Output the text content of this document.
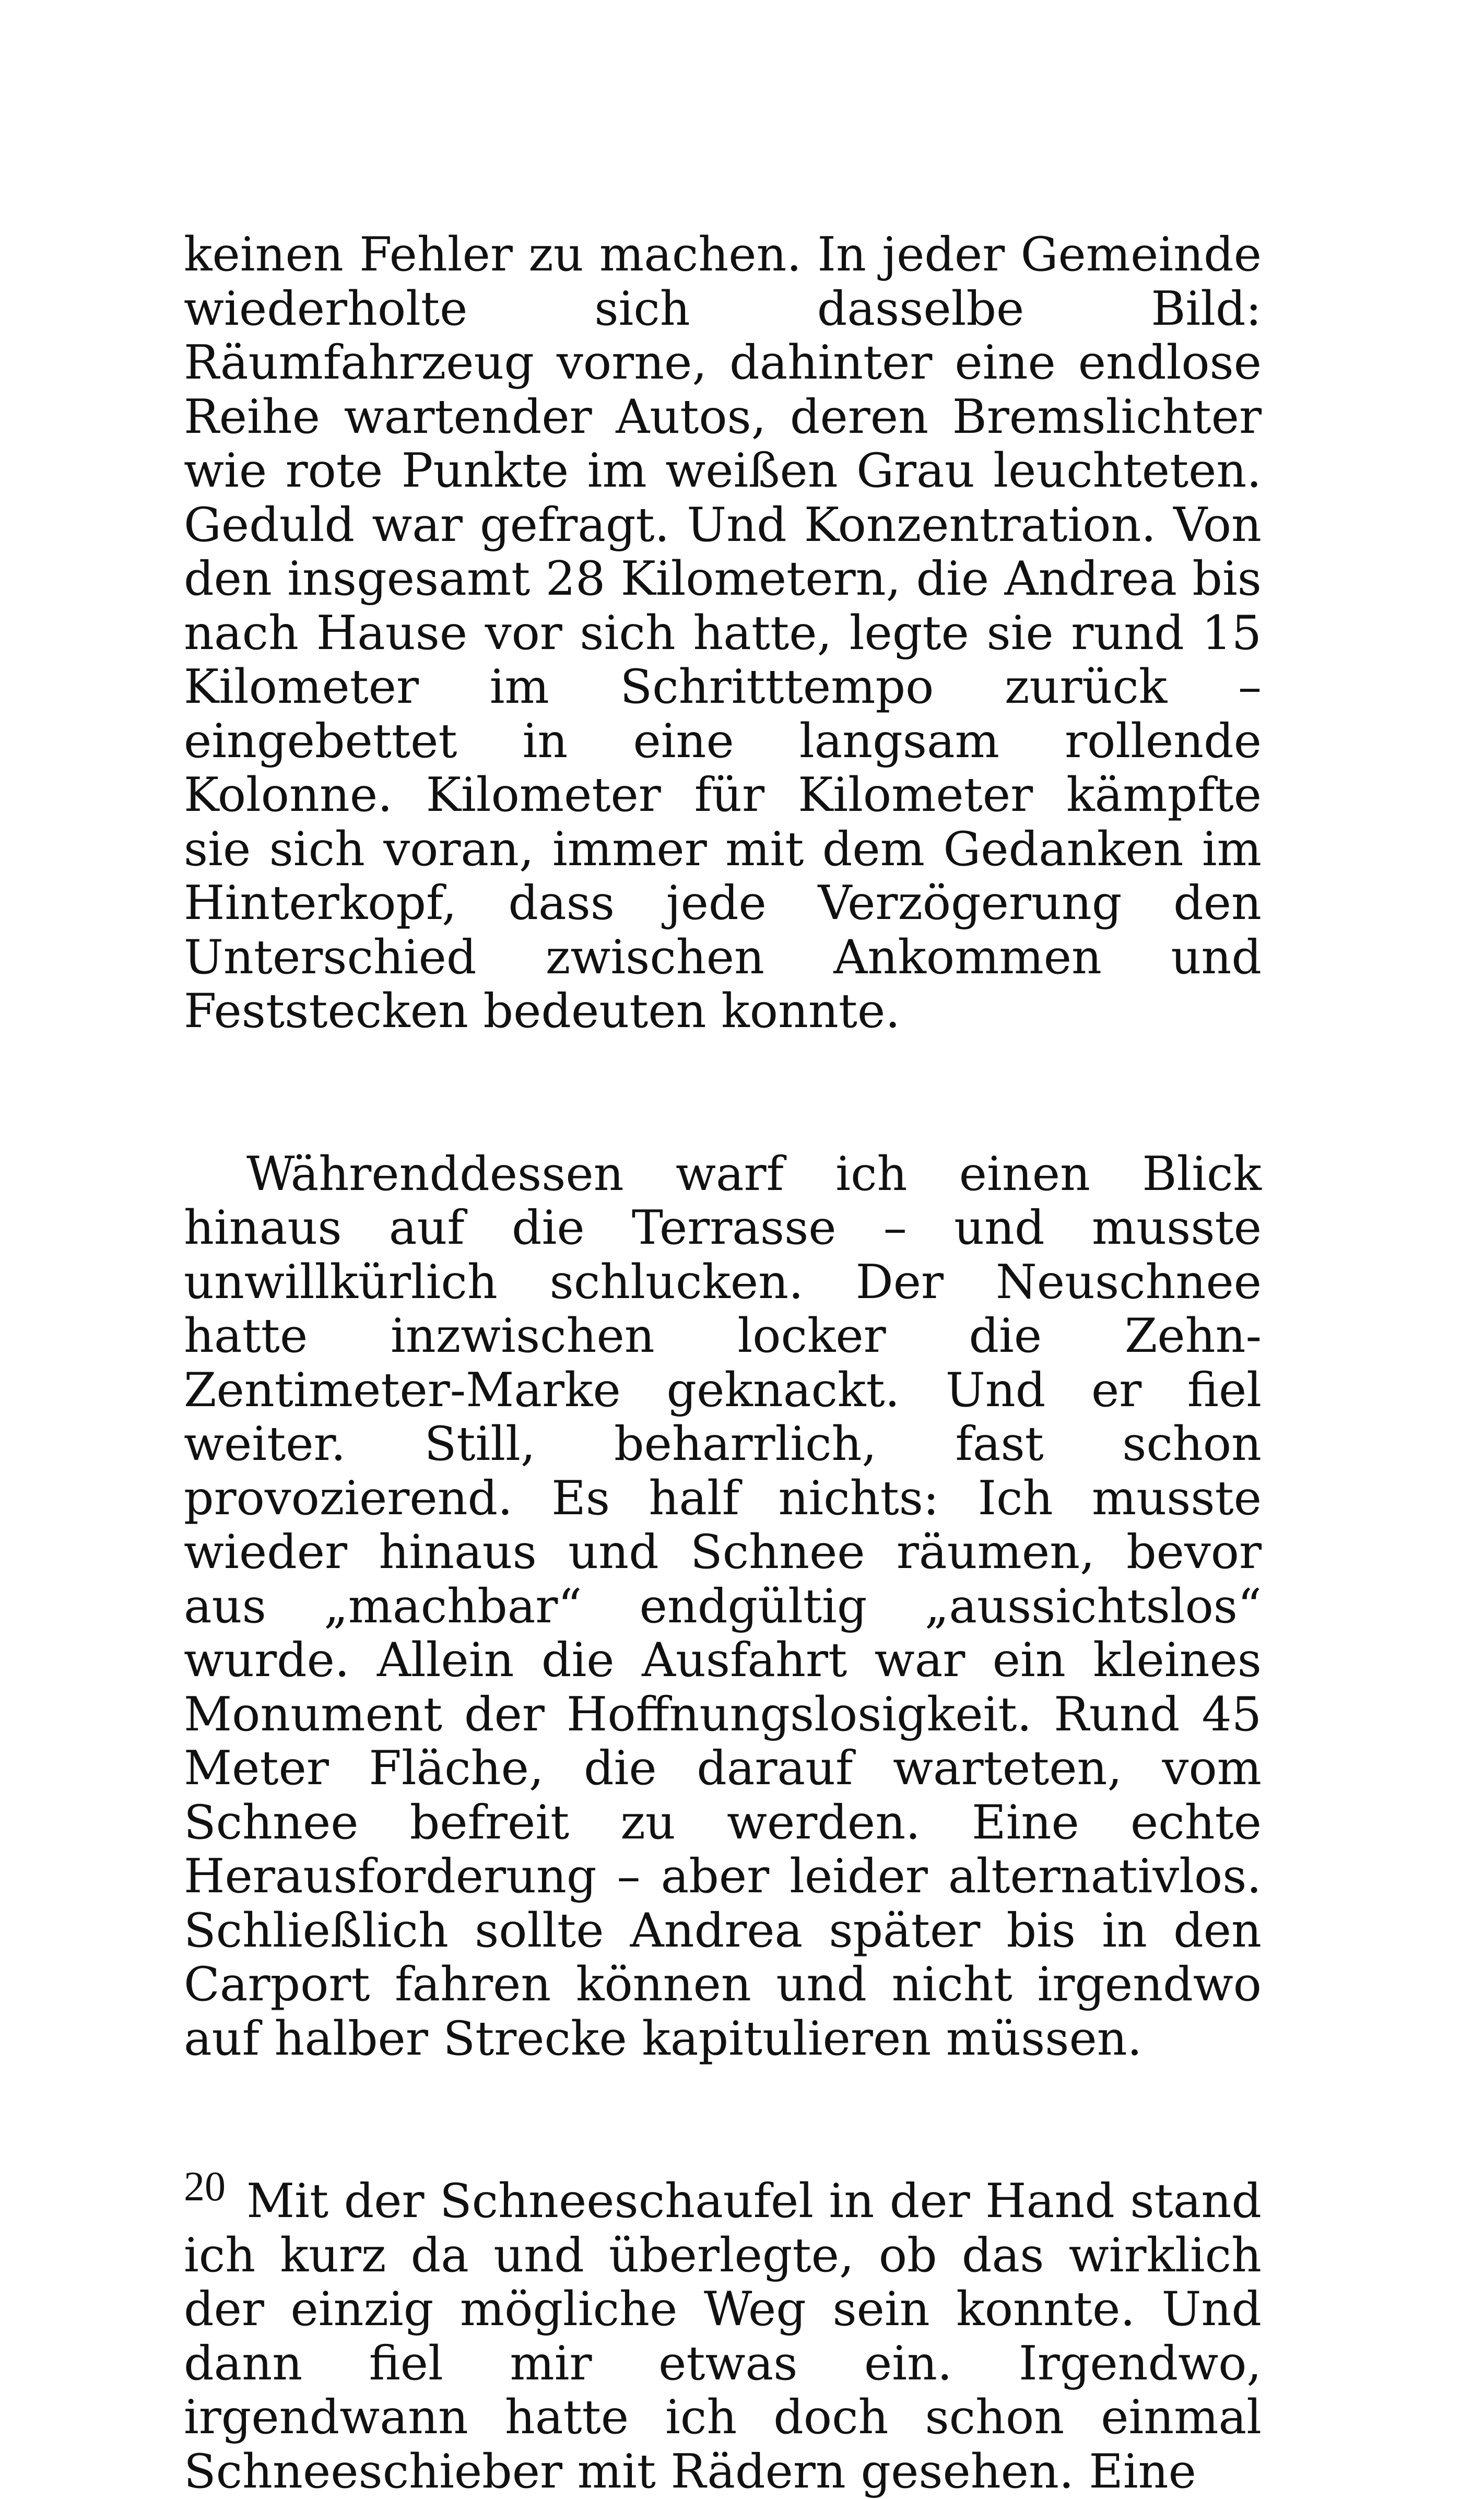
keinen Fehler zu machen. In jeder Gemeinde wiederholte sich dasselbe Bild: Räumfahrzeug vorne, dahinter eine endlose Reihe wartender Autos, deren Bremslichter wie rote Punkte im weißen Grau leuchteten. Geduld war gefragt. Und Konzentration. Von den insgesamt 28 Kilometern, die Andrea bis nach Hause vor sich hatte, legte sie rund 15 Kilometer im Schritttempo zurück – eingebettet in eine langsam rollende Kolonne. Kilometer für Kilometer kämpfte sie sich voran, immer mit dem Gedanken im Hinterkopf, dass jede Verzögerung den Unterschied zwischen Ankommen und Feststecken bedeuten konnte.

Währenddessen warf ich einen Blick hinaus auf die Terrasse – und musste unwillkürlich schlucken. Der Neuschnee hatte inzwischen locker die Zehn-Zentimeter-Marke geknackt. Und er fiel weiter. Still, beharrlich, fast schon provozierend. Es half nichts: Ich musste wieder hinaus und Schnee räumen, bevor aus „machbar“ endgültig „aussichtslos“ wurde. Allein die Ausfahrt war ein kleines Monument der Hoffnungslosigkeit. Rund 45 Meter Fläche, die darauf warteten, vom Schnee befreit zu werden. Eine echte Herausforderung – aber leider alternativlos. Schließlich sollte Andrea später bis in den Carport fahren können und nicht irgendwo auf halber Strecke kapitulieren müssen.

Mit der Schneeschaufel in der Hand stand ich kurz da und überlegte, ob das wirklich der einzig mögliche Weg sein konnte. Und dann fiel mir etwas ein. Irgendwo, irgendwann hatte ich doch schon einmal Schneeschieber mit Rädern gesehen. Eine

20
